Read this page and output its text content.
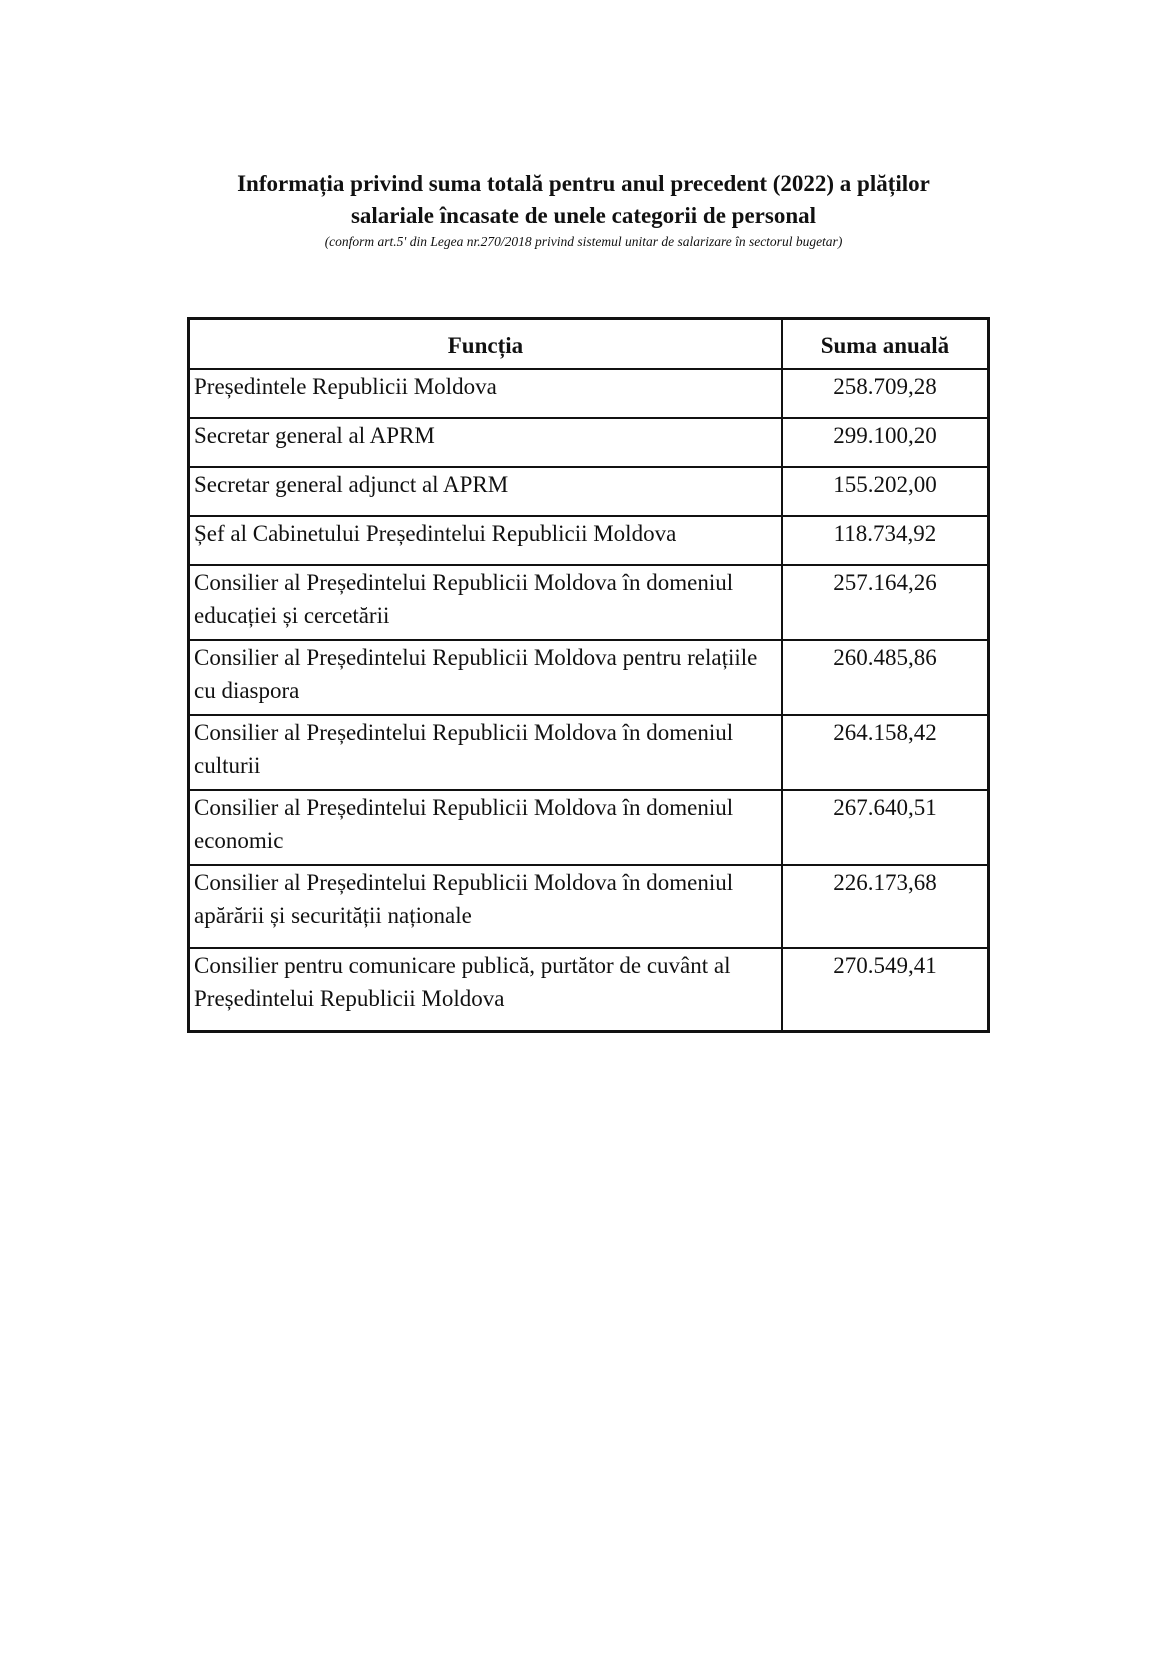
Informația privind suma totală pentru anul precedent (2022) a plăților

salariale încasate de unele categorii de personal

(conform art.5' din Legea nr.270/2018 privind sistemul unitar de salarizare în sectorul bugetar)

Funcția	Suma anuală
Președintele Republicii Moldova	258.709,28
Secretar general al APRM	299.100,20
Secretar general adjunct al APRM	155.202,00
Șef al Cabinetului Președintelui Republicii Moldova	118.734,92
Consilier al Președintelui Republicii Moldova în domeniul educației și cercetării	257.164,26
Consilier al Președintelui Republicii Moldova pentru relațiile cu diaspora	260.485,86
Consilier al Președintelui Republicii Moldova în domeniul culturii	264.158,42
Consilier al Președintelui Republicii Moldova în domeniul economic	267.640,51
Consilier al Președintelui Republicii Moldova în domeniul apărării și securității naționale	226.173,68
Consilier pentru comunicare publică, purtător de cuvânt al Președintelui Republicii Moldova	270.549,41
